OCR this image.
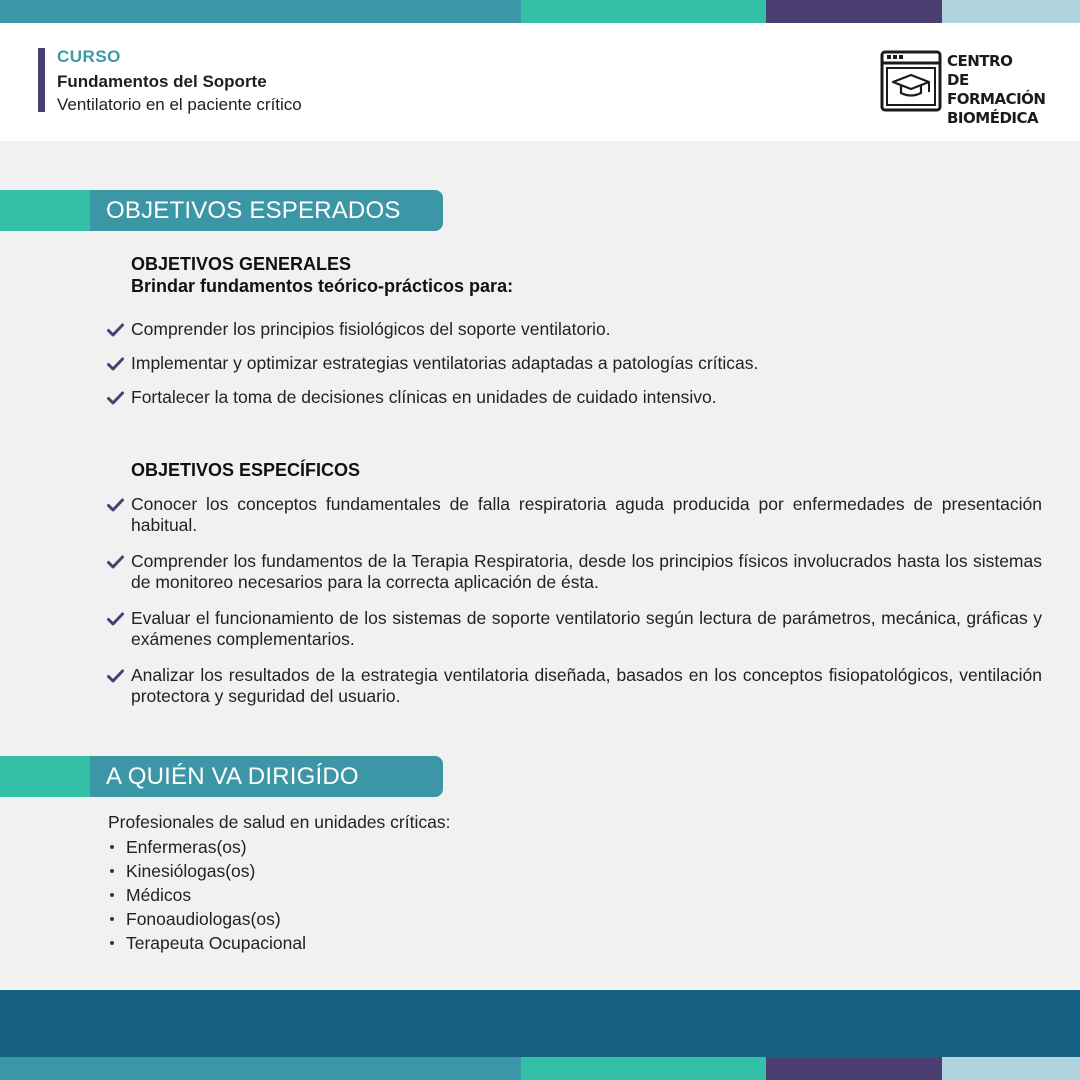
CURSO
Fundamentos del Soporte
Ventilatorio en el paciente crítico
CENTRO
DE FORMACIÓN
BIOMÉDICA
OBJETIVOS ESPERADOS
OBJETIVOS GENERALES
Brindar fundamentos teórico-prácticos para:
Comprender los principios fisiológicos del soporte ventilatorio.
Implementar y optimizar estrategias ventilatorias adaptadas a patologías críticas.
Fortalecer la toma de decisiones clínicas en unidades de cuidado intensivo.
OBJETIVOS ESPECÍFICOS
Conocer los conceptos fundamentales de falla respiratoria aguda producida por enfermedades de presentación habitual.
Comprender los fundamentos de la Terapia Respiratoria, desde los principios físicos involucrados hasta los sistemas de monitoreo necesarios para la correcta aplicación de ésta.
Evaluar el funcionamiento de los sistemas de soporte ventilatorio según lectura de parámetros, mecánica, gráficas y exámenes complementarios.
Analizar los resultados de la estrategia ventilatoria diseñada, basados en los conceptos fisiopatológicos, ventilación protectora y seguridad del usuario.
A QUIÉN VA DIRIGÍDO
Profesionales de salud en unidades críticas:
Enfermeras(os)
Kinesiólogas(os)
Médicos
Fonoaudiologas(os)
Terapeuta Ocupacional
